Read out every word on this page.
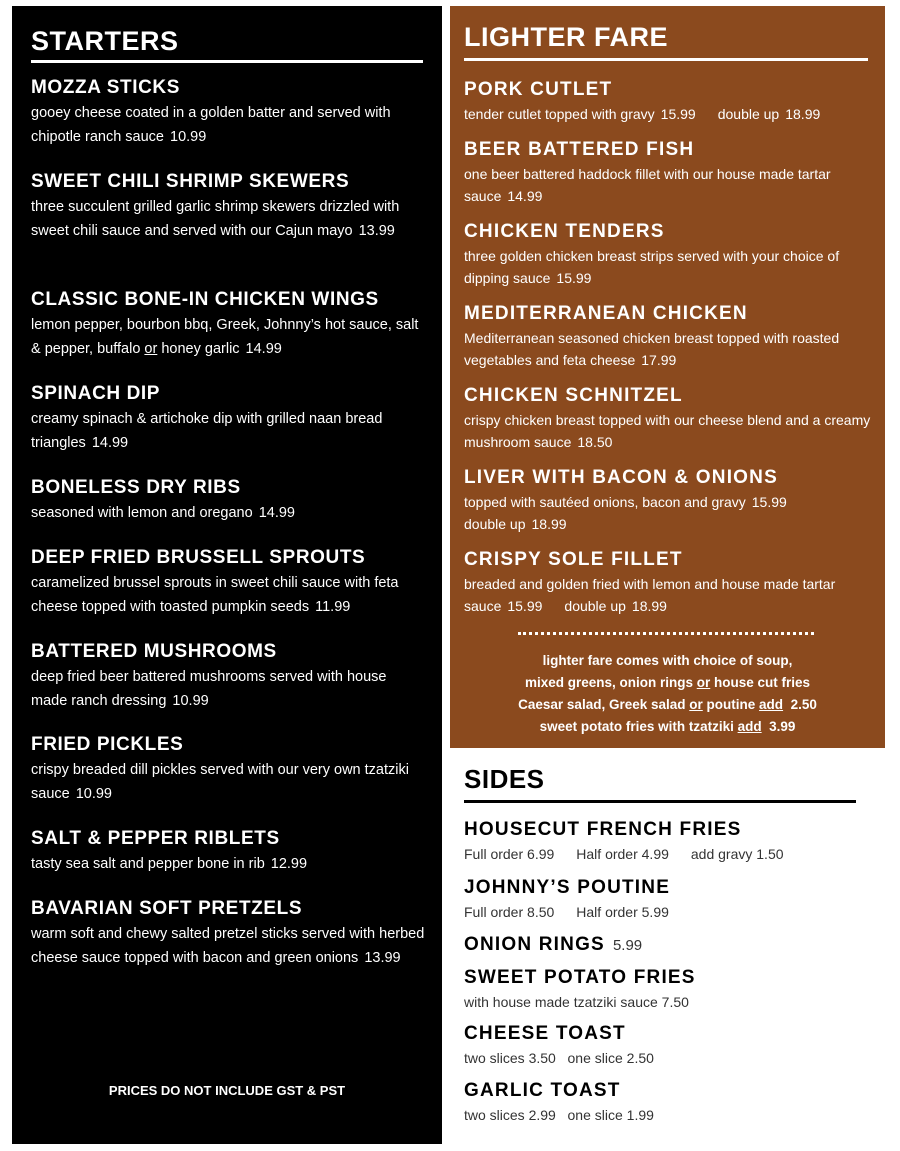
STARTERS
MOZZA STICKS
gooey cheese coated in a golden batter and served with chipotle ranch sauce 10.99
SWEET CHILI SHRIMP SKEWERS
three succulent grilled garlic shrimp skewers drizzled with sweet chili sauce and served with our Cajun mayo 13.99
CLASSIC BONE-IN CHICKEN WINGS
lemon pepper, bourbon bbq, Greek, Johnny’s hot sauce, salt & pepper, buffalo or honey garlic 14.99
SPINACH DIP
creamy spinach & artichoke dip with grilled naan bread triangles 14.99
BONELESS DRY RIBS
seasoned with lemon and oregano 14.99
DEEP FRIED BRUSSELL SPROUTS
caramelized brussel sprouts in sweet chili sauce with feta cheese topped with toasted pumpkin seeds 11.99
BATTERED MUSHROOMS
deep fried beer battered mushrooms served with house made ranch dressing 10.99
FRIED PICKLES
crispy breaded dill pickles served with our very own tzatziki sauce 10.99
SALT & PEPPER RIBLETS
tasty sea salt and pepper bone in rib 12.99
BAVARIAN SOFT PRETZELS
warm soft and chewy salted pretzel sticks served with herbed cheese sauce topped with bacon and green onions 13.99
PRICES DO NOT INCLUDE GST & PST
LIGHTER FARE
PORK CUTLET
tender cutlet topped with gravy 15.99 double up 18.99
BEER BATTERED FISH
one beer battered haddock fillet with our house made tartar sauce 14.99
CHICKEN TENDERS
three golden chicken breast strips served with your choice of dipping sauce 15.99
MEDITERRANEAN CHICKEN
Mediterranean seasoned chicken breast topped with roasted vegetables and feta cheese 17.99
CHICKEN SCHNITZEL
crispy chicken breast topped with our cheese blend and a creamy mushroom sauce 18.50
LIVER WITH BACON & ONIONS
topped with sautéed onions, bacon and gravy 15.99
double up 18.99
CRISPY SOLE FILLET
breaded and golden fried with lemon and house made tartar sauce 15.99 double up 18.99
lighter fare comes with choice of soup,
mixed greens, onion rings or house cut fries
Caesar salad, Greek salad or poutine add 2.50
sweet potato fries with tzatziki add 3.99
SIDES
HOUSECUT FRENCH FRIES
Full order 6.99 Half order 4.99 add gravy 1.50
JOHNNY’S POUTINE
Full order 8.50 Half order 5.99
ONION RINGS 5.99
SWEET POTATO FRIES
with house made tzatziki sauce 7.50
CHEESE TOAST
two slices 3.50 one slice 2.50
GARLIC TOAST
two slices 2.99 one slice 1.99
